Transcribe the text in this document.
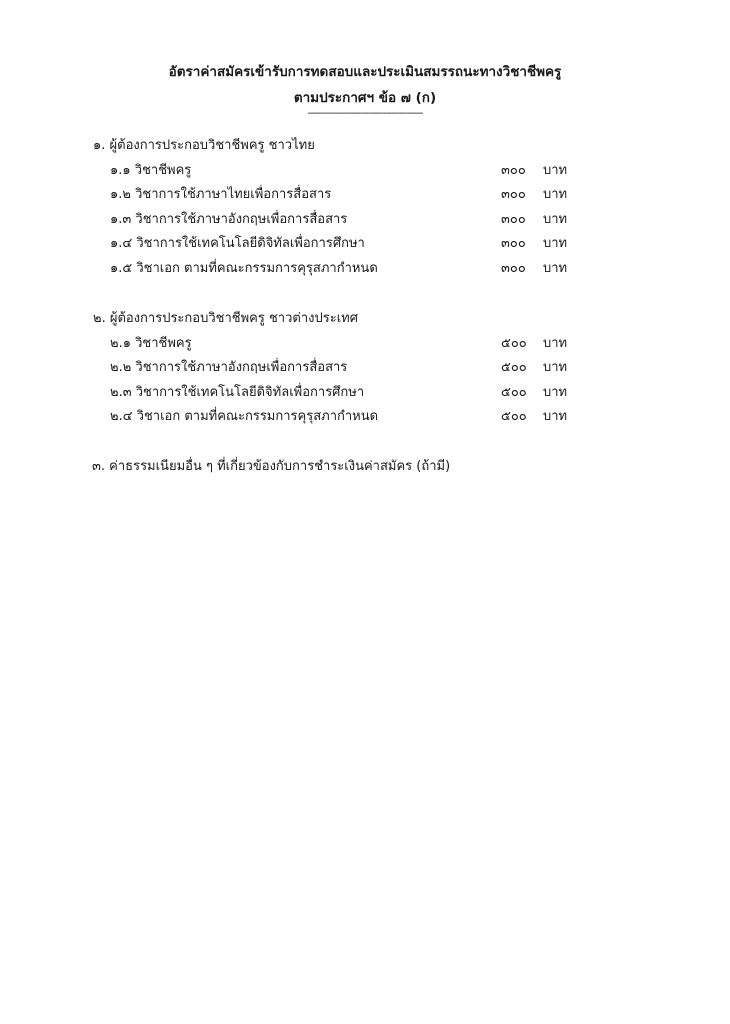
อัตราค่าสมัครเข้ารับการทดสอบและประเมินสมรรถนะทางวิชาชีพครู
ตามประกาศฯ ข้อ ๗ (ก)
--------------------------------------------
๑. ผู้ต้องการประกอบวิชาชีพครู ชาวไทย
๑.๑ วิชาชีพครู	๓๐๐ บาท
๑.๒ วิชาการใช้ภาษาไทยเพื่อการสื่อสาร	๓๐๐ บาท
๑.๓ วิชาการใช้ภาษาอังกฤษเพื่อการสื่อสาร	๓๐๐ บาท
๑.๔ วิชาการใช้เทคโนโลยีดิจิทัลเพื่อการศึกษา	๓๐๐ บาท
๑.๕ วิชาเอก ตามที่คณะกรรมการคุรุสภากำหนด	๓๐๐ บาท
๒. ผู้ต้องการประกอบวิชาชีพครู ชาวต่างประเทศ
๒.๑ วิชาชีพครู	๕๐๐ บาท
๒.๒ วิชาการใช้ภาษาอังกฤษเพื่อการสื่อสาร	๕๐๐ บาท
๒.๓ วิชาการใช้เทคโนโลยีดิจิทัลเพื่อการศึกษา	๕๐๐ บาท
๒.๔ วิชาเอก ตามที่คณะกรรมการคุรุสภากำหนด	๕๐๐ บาท
๓. ค่าธรรมเนียมอื่น ๆ ที่เกี่ยวข้องกับการชำระเงินค่าสมัคร (ถ้ามี)
